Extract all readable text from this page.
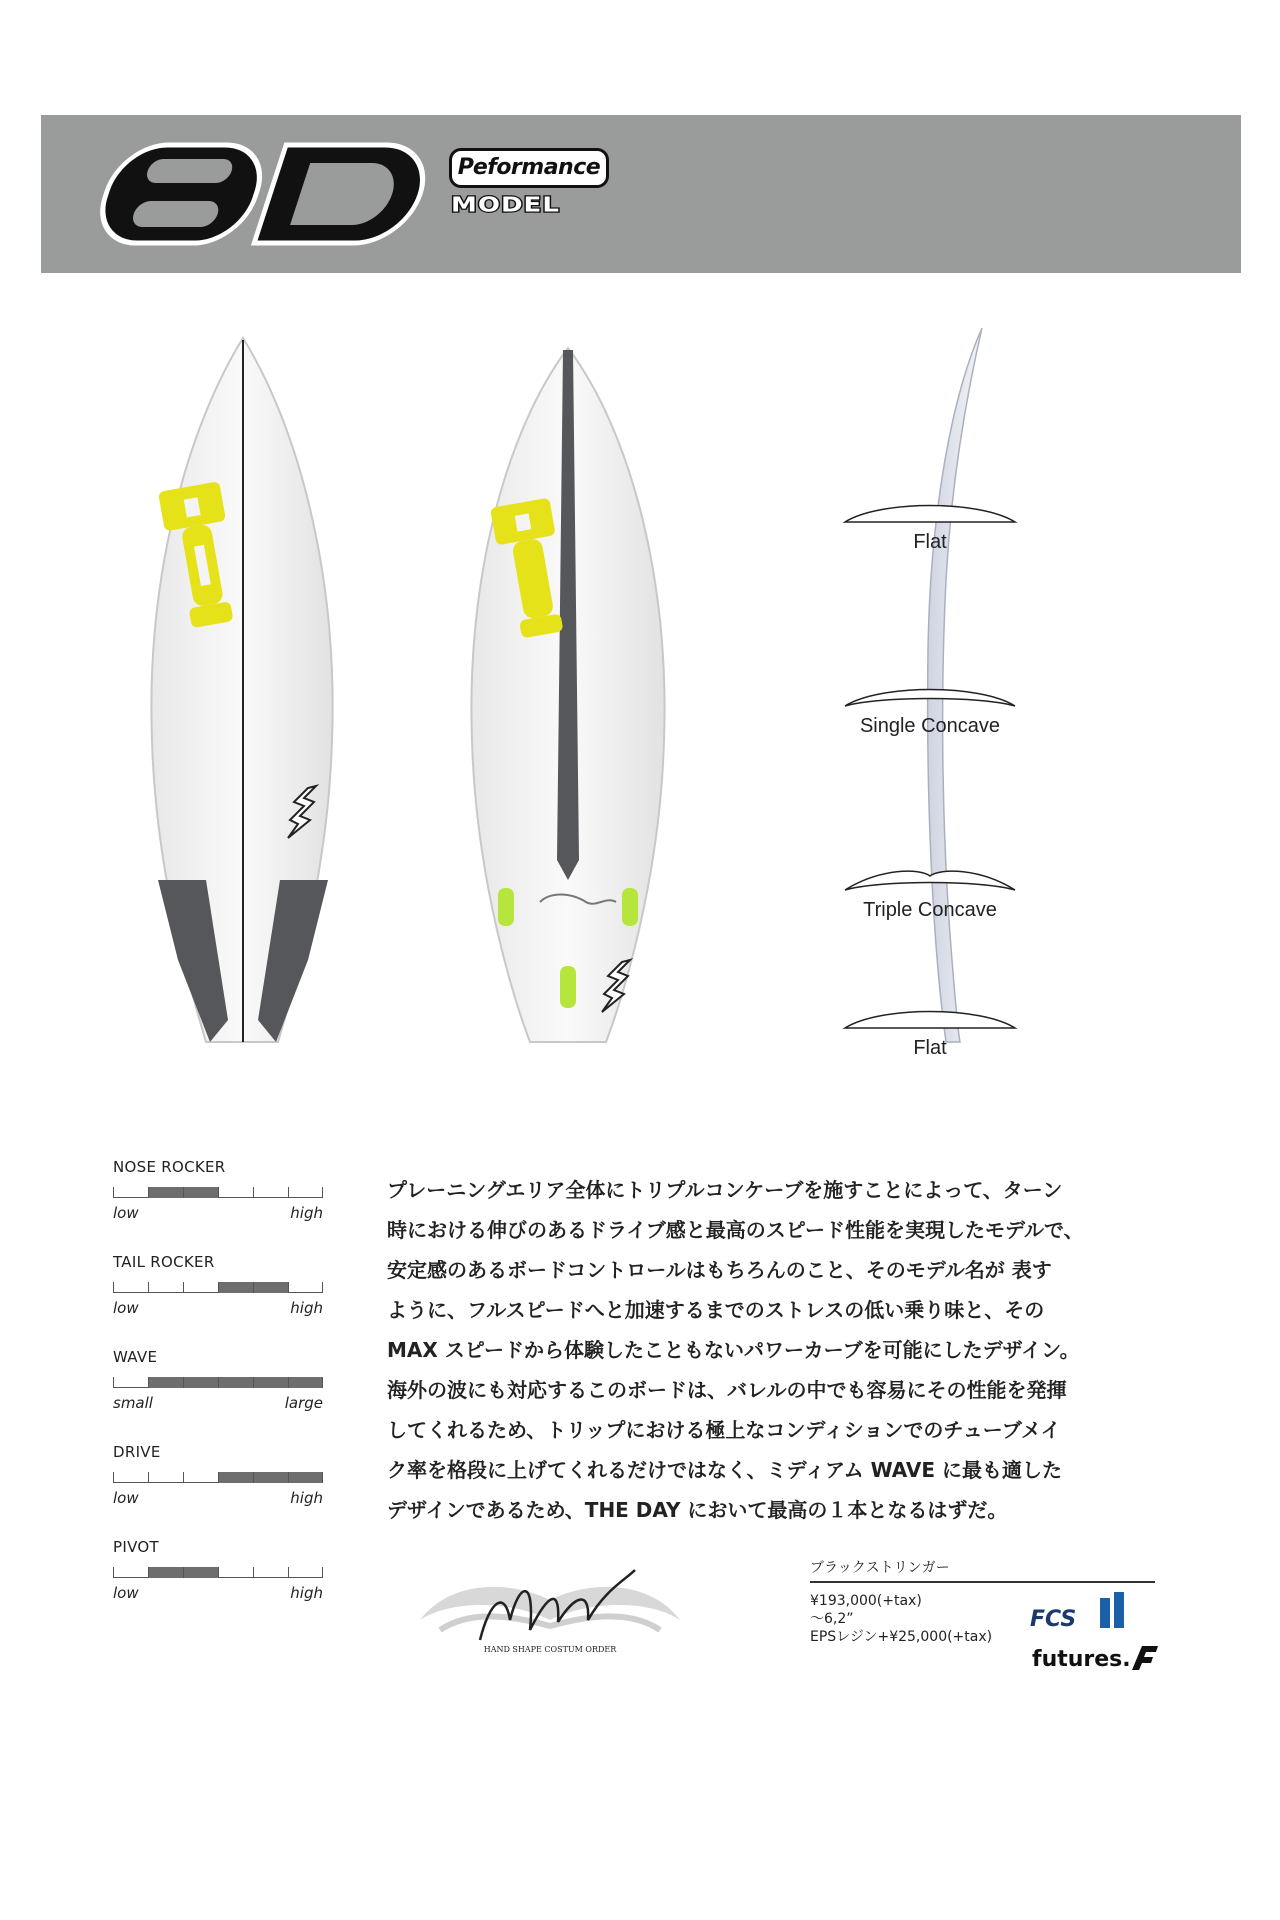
Peformance
MODEL
Flat
Single Concave
Triple Concave
Flat
NOSE ROCKER
low	high
TAIL ROCKER
low	high
WAVE
small	large
DRIVE
low	high
PIVOT
low	high
プレーニングエリア全体にトリプルコンケーブを施すことによって、ターン
時における伸びのあるドライブ感と最高のスピード性能を実現したモデルで、
安定感のあるボードコントロールはもちろんのこと、そのモデル名が 表す
ように、フルスピードへと加速するまでのストレスの低い乗り味と、その
MAX スピードから体験したこともないパワーカーブを可能にしたデザイン。
海外の波にも対応するこのボードは、バレルの中でも容易にその性能を発揮
してくれるため、トリップにおける極上なコンディションでのチューブメイ
ク率を格段に上げてくれるだけではなく、ミディアム WAVE に最も適した
デザインであるため、THE DAY において最高の１本となるはずだ。
HAND SHAPE COSTUM ORDER
ブラックストリンガー
¥193,000(+tax)
〜6,2”
EPSレジン+¥25,000(+tax)
FCS
futures.
